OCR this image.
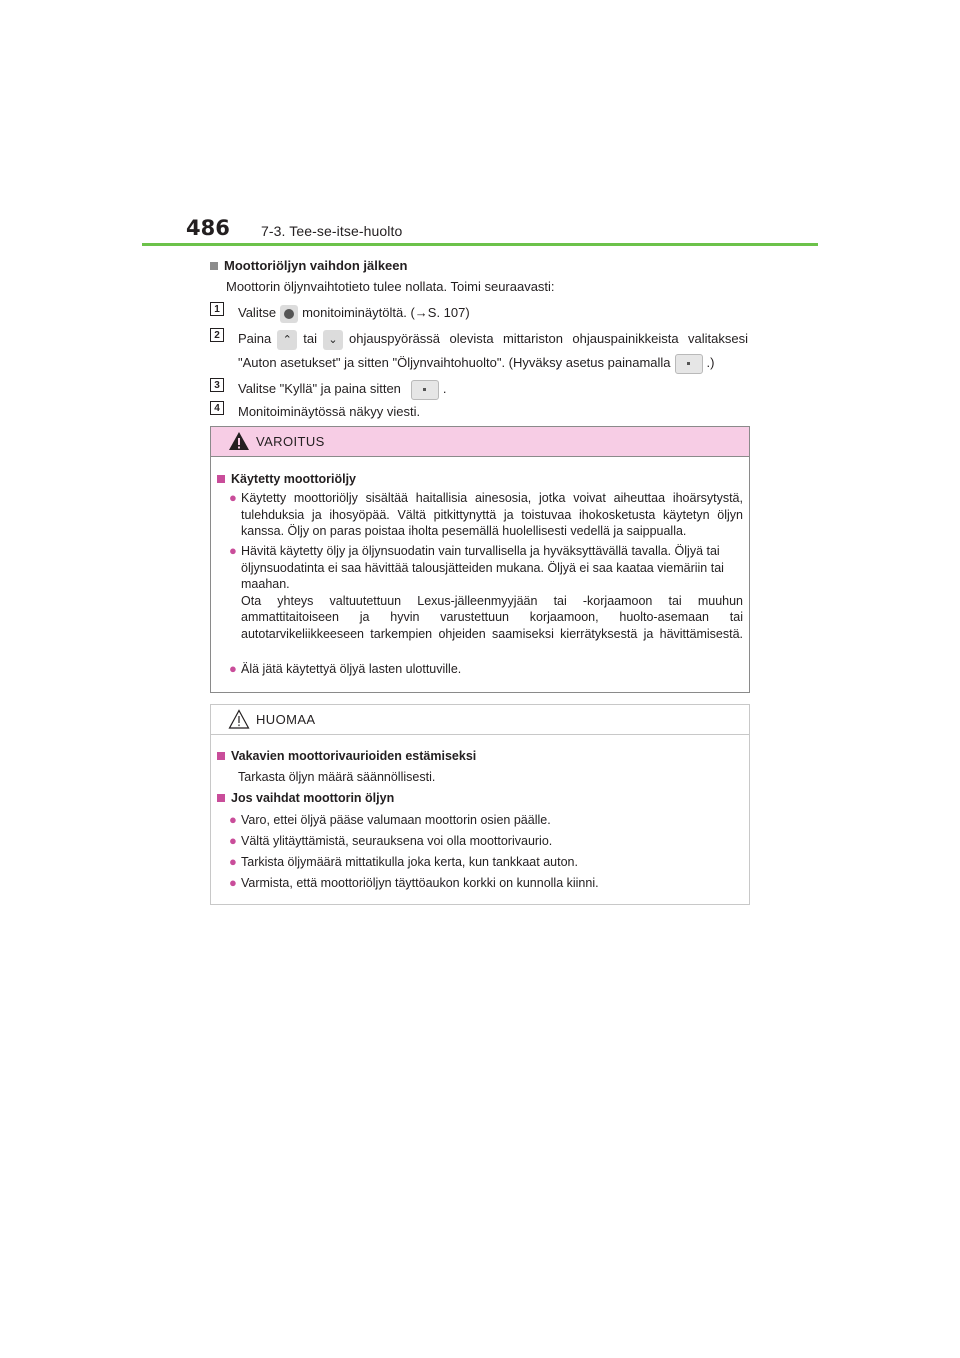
486 7-3. Tee-se-itse-huolto
Moottoriöljyn vaihdon jälkeen
Moottorin öljynvaihtotieto tulee nollata. Toimi seuraavasti:
1	Valitse monitoiminäytöltä. (→S. 107)
2	Paina ⌃ tai ⌄ ohjauspyörässä olevista mittariston ohjauspainikkeista valitaksesi "Auton asetukset" ja sitten "Öljynvaihtohuolto". (Hyväksy asetus painamalla	.)
3	Valitse "Kyllä" ja paina sitten	.
4	Monitoiminäytössä näkyy viesti.
VAROITUS
Käytetty moottoriöljy
● Käytetty moottoriöljy sisältää haitallisia ainesosia, jotka voivat aiheuttaa ihoärsytystä, tulehduksia ja ihosyöpää. Vältä pitkittynyttä ja toistuvaa ihokosketusta käytetyn öljyn kanssa. Öljy on paras poistaa iholta pesemällä huolellisesti vedellä ja saippualla.
● Hävitä käytetty öljy ja öljynsuodatin vain turvallisella ja hyväksyttävällä tavalla. Öljyä tai öljynsuodatinta ei saa hävittää talousjätteiden mukana. Öljyä ei saa kaataa viemäriin tai maahan.
Ota yhteys valtuutettuun Lexus-jälleenmyyjään tai -korjaamoon tai muuhun ammattitaitoiseen ja hyvin varustettuun korjaamoon, huolto-asemaan tai autotarvikeliikkeeseen tarkempien ohjeiden saamiseksi kierrätyksestä ja hävittämisestä.
● Älä jätä käytettyä öljyä lasten ulottuville.
HUOMAA
Vakavien moottorivaurioiden estämiseksi
Tarkasta öljyn määrä säännöllisesti.
Jos vaihdat moottorin öljyn
● Varo, ettei öljyä pääse valumaan moottorin osien päälle.
● Vältä ylitäyttämistä, seurauksena voi olla moottorivaurio.
● Tarkista öljymäärä mittatikulla joka kerta, kun tankkaat auton.
● Varmista, että moottoriöljyn täyttöaukon korkki on kunnolla kiinni.
